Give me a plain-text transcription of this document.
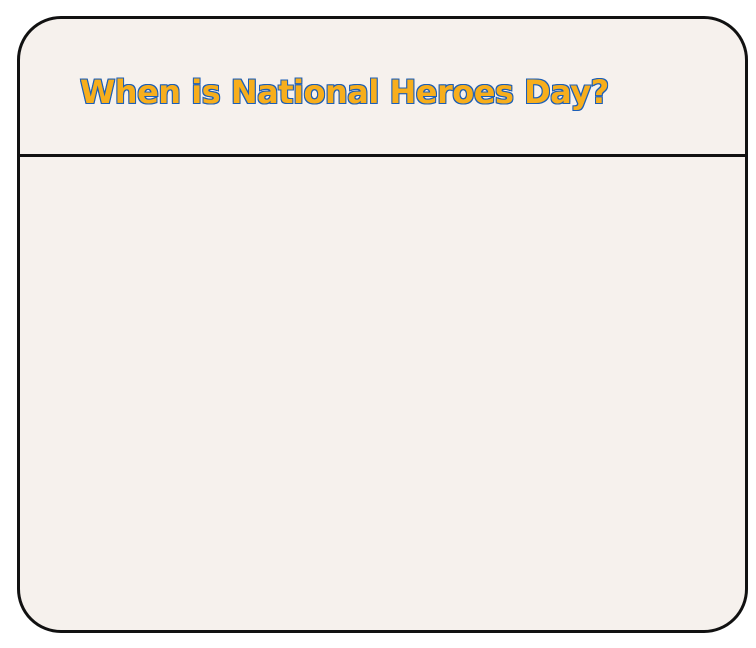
When is National Heroes Day?
